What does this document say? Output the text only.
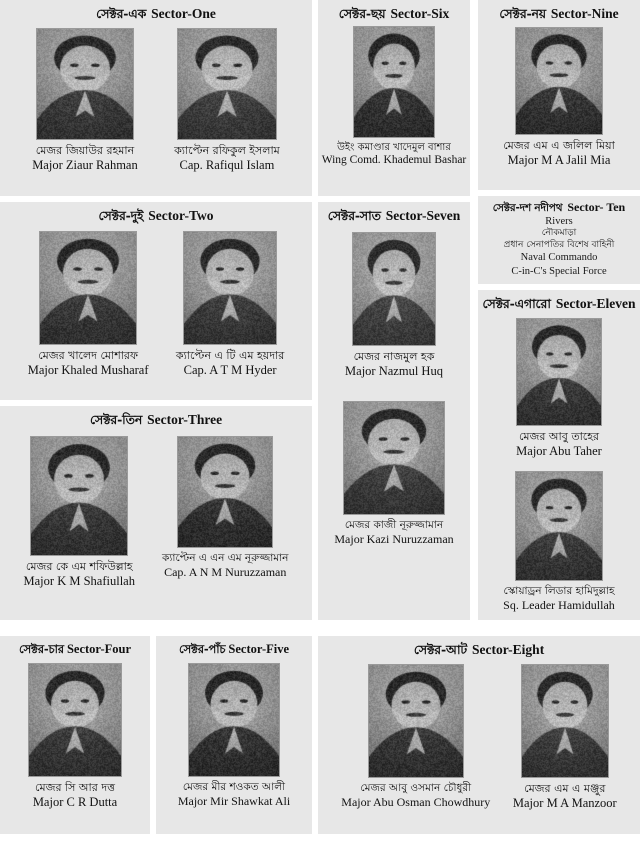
সেক্টর-এক Sector-One
মেজর জিয়াউর রহমান
Major Ziaur Rahman
ক্যাপ্টেন রফিকুল ইসলাম
Cap. Rafiqul Islam
সেক্টর-ছয় Sector-Six
উইং কমাণ্ডার খাদেমুল বাশার
Wing Comd. Khademul Bashar
সেক্টর-নয় Sector-Nine
মেজর এম এ জলিল মিয়া
Major M A Jalil Mia
সেক্টর-দুই Sector-Two
মেজর খালেদ মোশারফ
Major Khaled Musharaf
ক্যাপ্টেন এ টি এম হয়দার
Cap. A T M Hyder
সেক্টর-সাত Sector-Seven
মেজর নাজমুল হক
Major Nazmul Huq
মেজর কাজী নূরুজ্জামান
Major Kazi Nuruzzaman
সেক্টর-দশ নদীপথ Sector- Ten
Rivers
নৌকমাড়া
প্রধান সেনাপতির বিশেষ বাহিনী
Naval Commando
C-in-C's Special Force
সেক্টর-এগারো Sector-Eleven
মেজর আবু তাহের
Major Abu Taher
স্কোয়াড্রন লিডার হামিদুল্লাহ
Sq. Leader Hamidullah
সেক্টর-তিন Sector-Three
মেজর কে এম শফিউল্লাহ
Major K M Shafiullah
ক্যাপ্টেন এ এন এম নূরুজ্জামান
Cap. A N M Nuruzzaman
সেক্টর-চার Sector-Four
মেজর সি আর দত্ত
Major C R Dutta
সেক্টর-পাঁচ Sector-Five
মেজর মীর শওকত আলী
Major Mir Shawkat Ali
সেক্টর-আট Sector-Eight
মেজর আবু ওসমান চৌধুরী
Major Abu Osman Chowdhury
মেজর এম এ মঞ্জুর
Major M A Manzoor
